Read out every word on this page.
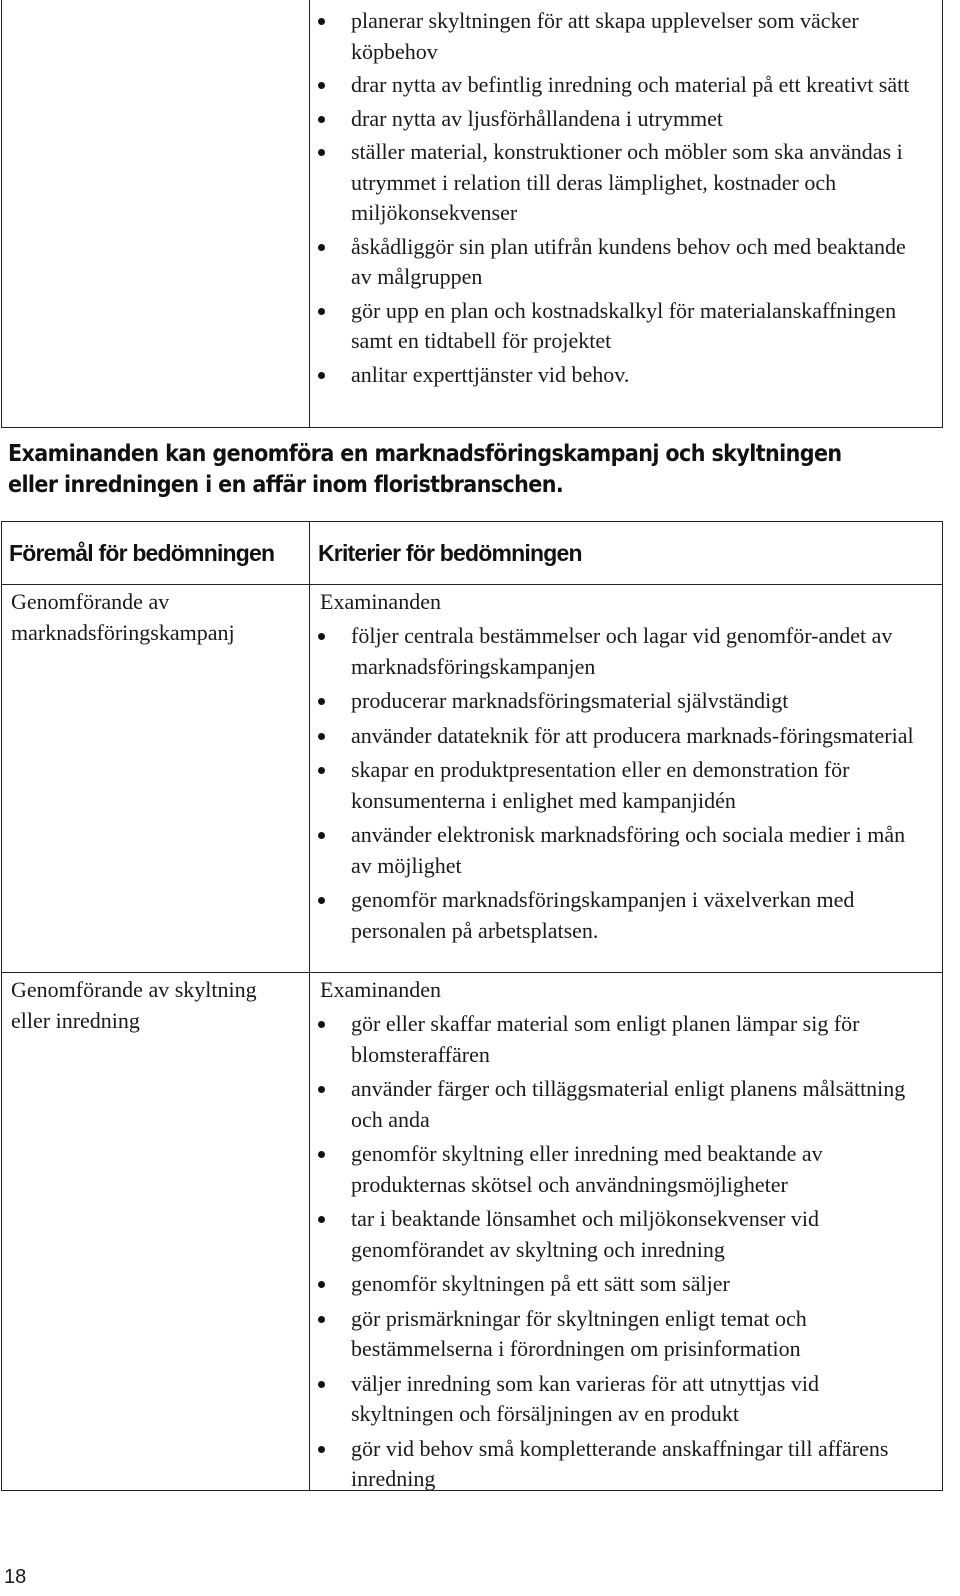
planerar skyltningen för att skapa upplevelser som väcker köpbehov
drar nytta av befintlig inredning och material på ett kreativt sätt
drar nytta av ljusförhållandena i utrymmet
ställer material, konstruktioner och möbler som ska användas i utrymmet i relation till deras lämplighet, kostnader och miljökonsekvenser
åskådliggör sin plan utifrån kundens behov och med beaktande av målgruppen
gör upp en plan och kostnadskalkyl för materialanskaffningen samt en tidtabell för projektet
anlitar experttjänster vid behov.
Examinanden kan genomföra en marknadsföringskampanj och skyltningen eller inredningen i en affär inom floristbranschen.
Föremål för bedömningen Kriterier för bedömningen
Genomförande av marknadsföringskampanj
Examinanden
följer centrala bestämmelser och lagar vid genomför-andet av marknadsföringskampanjen
producerar marknadsföringsmaterial självständigt
använder datateknik för att producera marknads-föringsmaterial
skapar en produktpresentation eller en demonstration för konsumenterna i enlighet med kampanjidén
använder elektronisk marknadsföring och sociala medier i mån av möjlighet
genomför marknadsföringskampanjen i växelverkan med personalen på arbetsplatsen.
Genomförande av skyltning eller inredning
Examinanden
gör eller skaffar material som enligt planen lämpar sig för blomsteraffären
använder färger och tilläggsmaterial enligt planens målsättning och anda
genomför skyltning eller inredning med beaktande av produkternas skötsel och användningsmöjligheter
tar i beaktande lönsamhet och miljökonsekvenser vid genomförandet av skyltning och inredning
genomför skyltningen på ett sätt som säljer
gör prismärkningar för skyltningen enligt temat och bestämmelserna i förordningen om prisinformation
väljer inredning som kan varieras för att utnyttjas vid skyltningen och försäljningen av en produkt
gör vid behov små kompletterande anskaffningar till affärens inredning
18
